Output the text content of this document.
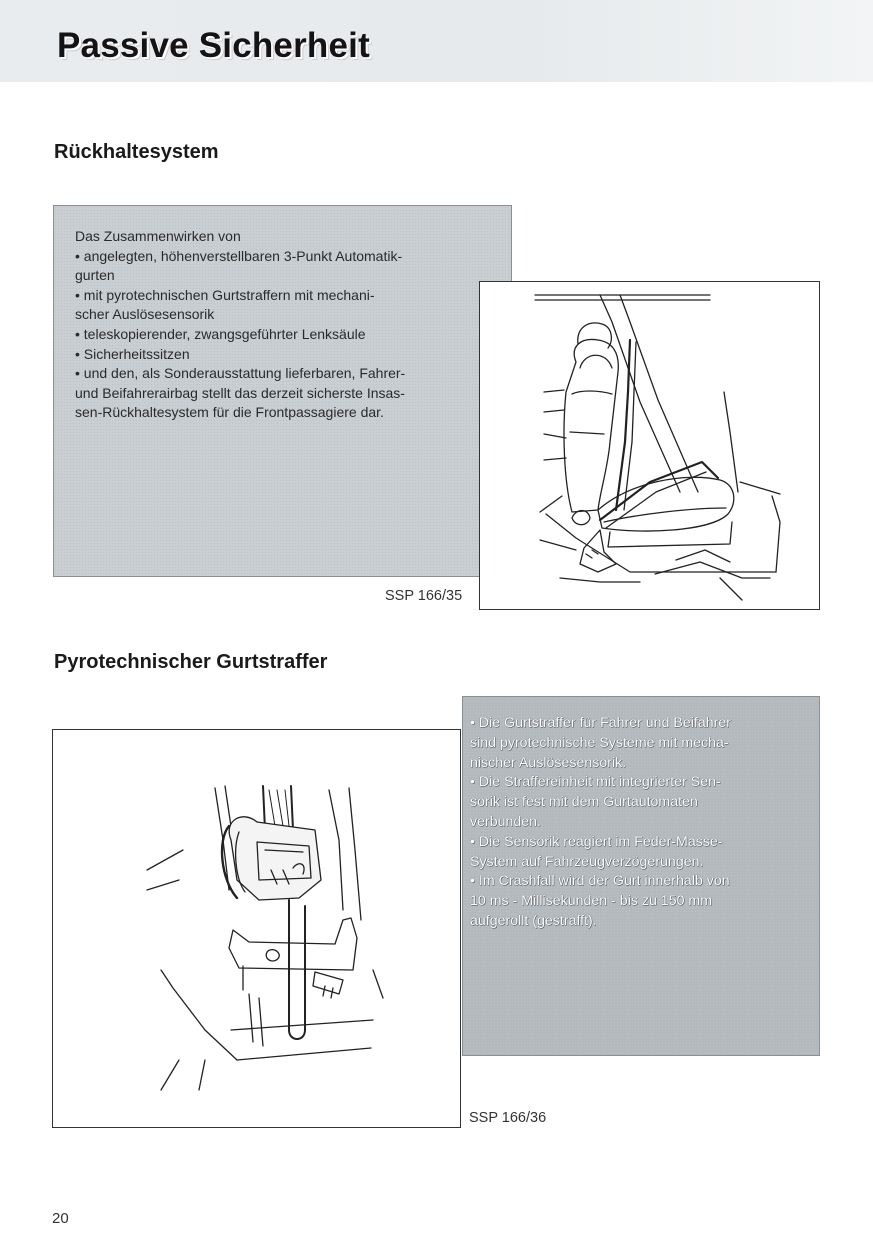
Passive Sicherheit
Rückhaltesystem

Das Zusammenwirken von

• angelegten, höhenverstellbaren 3-Punkt Automatik-

gurten

• mit pyrotechnischen Gurtstraffern mit mechani-

scher Auslösesensorik

• teleskopierender, zwangsgeführter Lenksäule

• Sicherheitssitzen

• und den, als Sonderausstattung lieferbaren, Fahrer-

und Beifahrerairbag stellt das derzeit sicherste Insas-

sen-Rückhaltesystem für die Frontpassagiere dar.

SSP 166/35

Pyrotechnischer Gurtstraffer

• Die Gurtstraffer für Fahrer und Beifahrer

sind pyrotechnische Systeme mit mecha-

nischer Auslösesensorik.

• Die Straffereinheit mit integrierter Sen-

sorik ist fest mit dem Gurtautomaten

verbunden.

• Die Sensorik reagiert im Feder-Masse-

System auf Fahrzeugverzögerungen.

• Im Crashfall wird der Gurt innerhalb von

10 ms - Millisekunden - bis zu 150 mm

aufgerollt (gestrafft).

SSP 166/36

20
